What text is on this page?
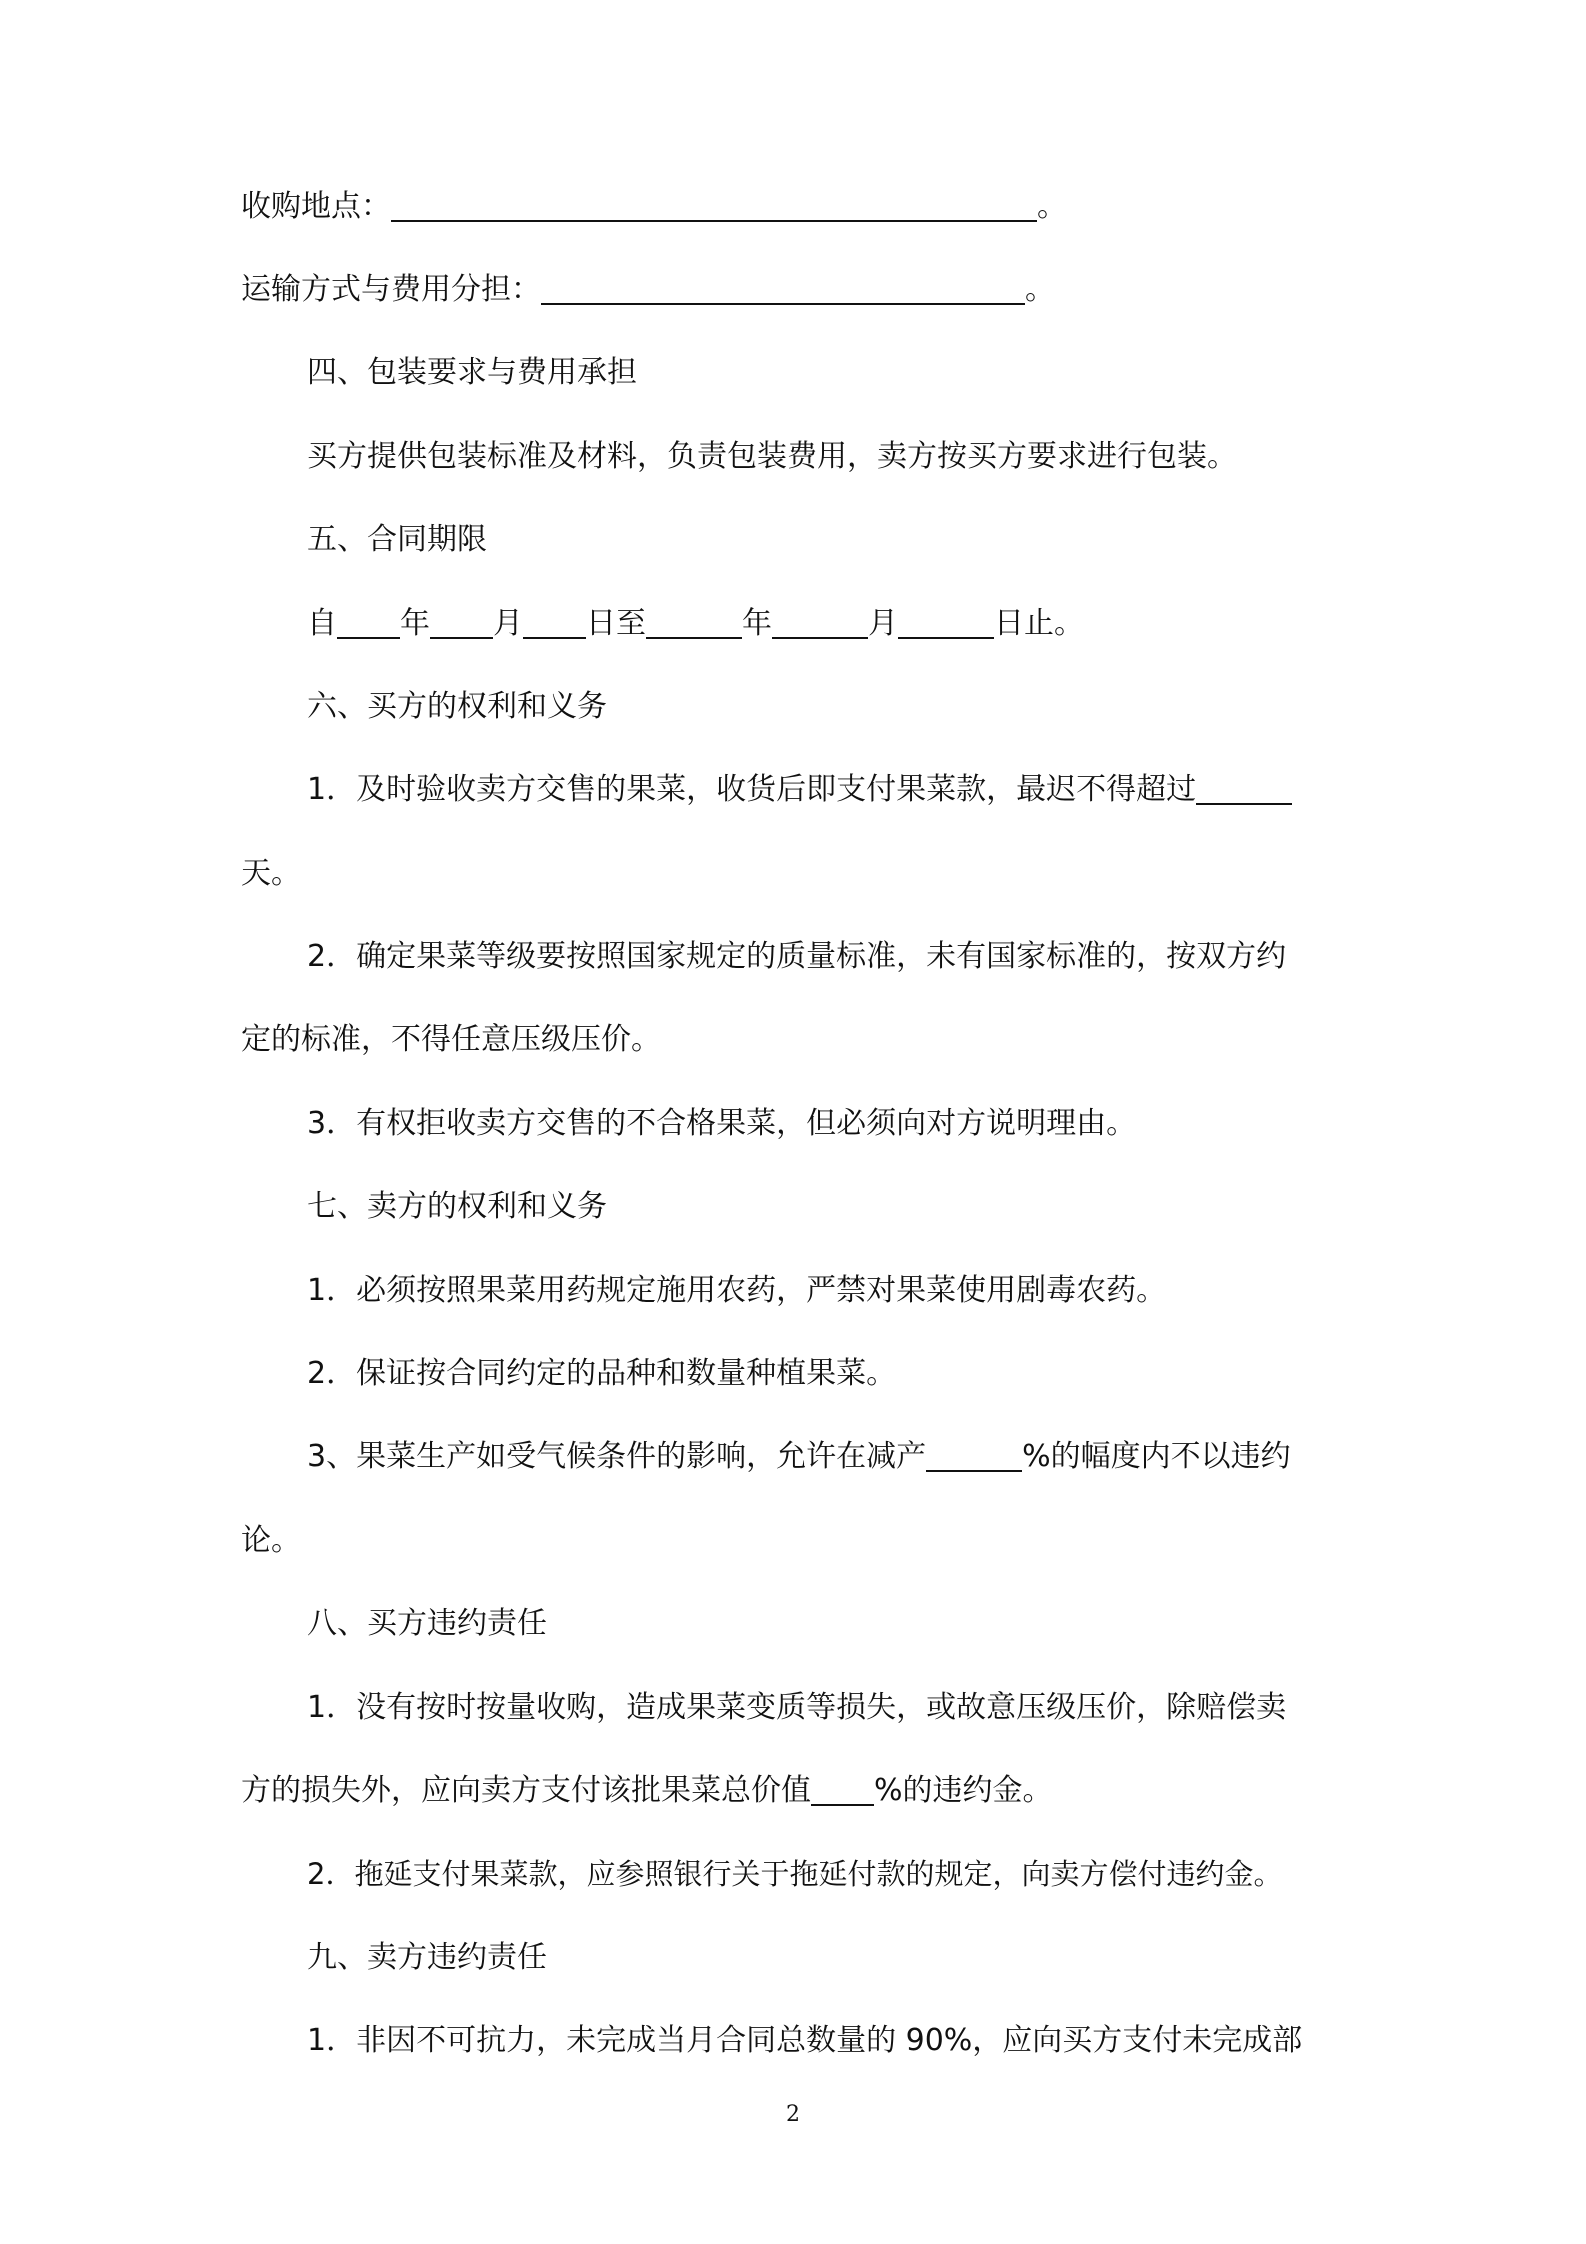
收购地点：	。
运输方式与费用分担：	。
四、包装要求与费用承担
买方提供包装标准及材料，负责包装费用，卖方按买方要求进行包装。
五、合同期限
自 年 月 日至	年	月	日止。
六、买方的权利和义务
1．及时验收卖方交售的果菜，收货后即支付果菜款，最迟不得超过
天。
2．确定果菜等级要按照国家规定的质量标准，未有国家标准的，按双方约
定的标准，不得任意压级压价。
3．有权拒收卖方交售的不合格果菜，但必须向对方说明理由。
七、卖方的权利和义务
1．必须按照果菜用药规定施用农药，严禁对果菜使用剧毒农药。
2．保证按合同约定的品种和数量种植果菜。
3、果菜生产如受气候条件的影响，允许在减产	%的幅度内不以违约
论。
八、买方违约责任
1．没有按时按量收购，造成果菜变质等损失，或故意压级压价，除赔偿卖
方的损失外，应向卖方支付该批果菜总价值 %的违约金。
2．拖延支付果菜款，应参照银行关于拖延付款的规定，向卖方偿付违约金。
九、卖方违约责任
1．非因不可抗力，未完成当月合同总数量的 90%，应向买方支付未完成部
2
